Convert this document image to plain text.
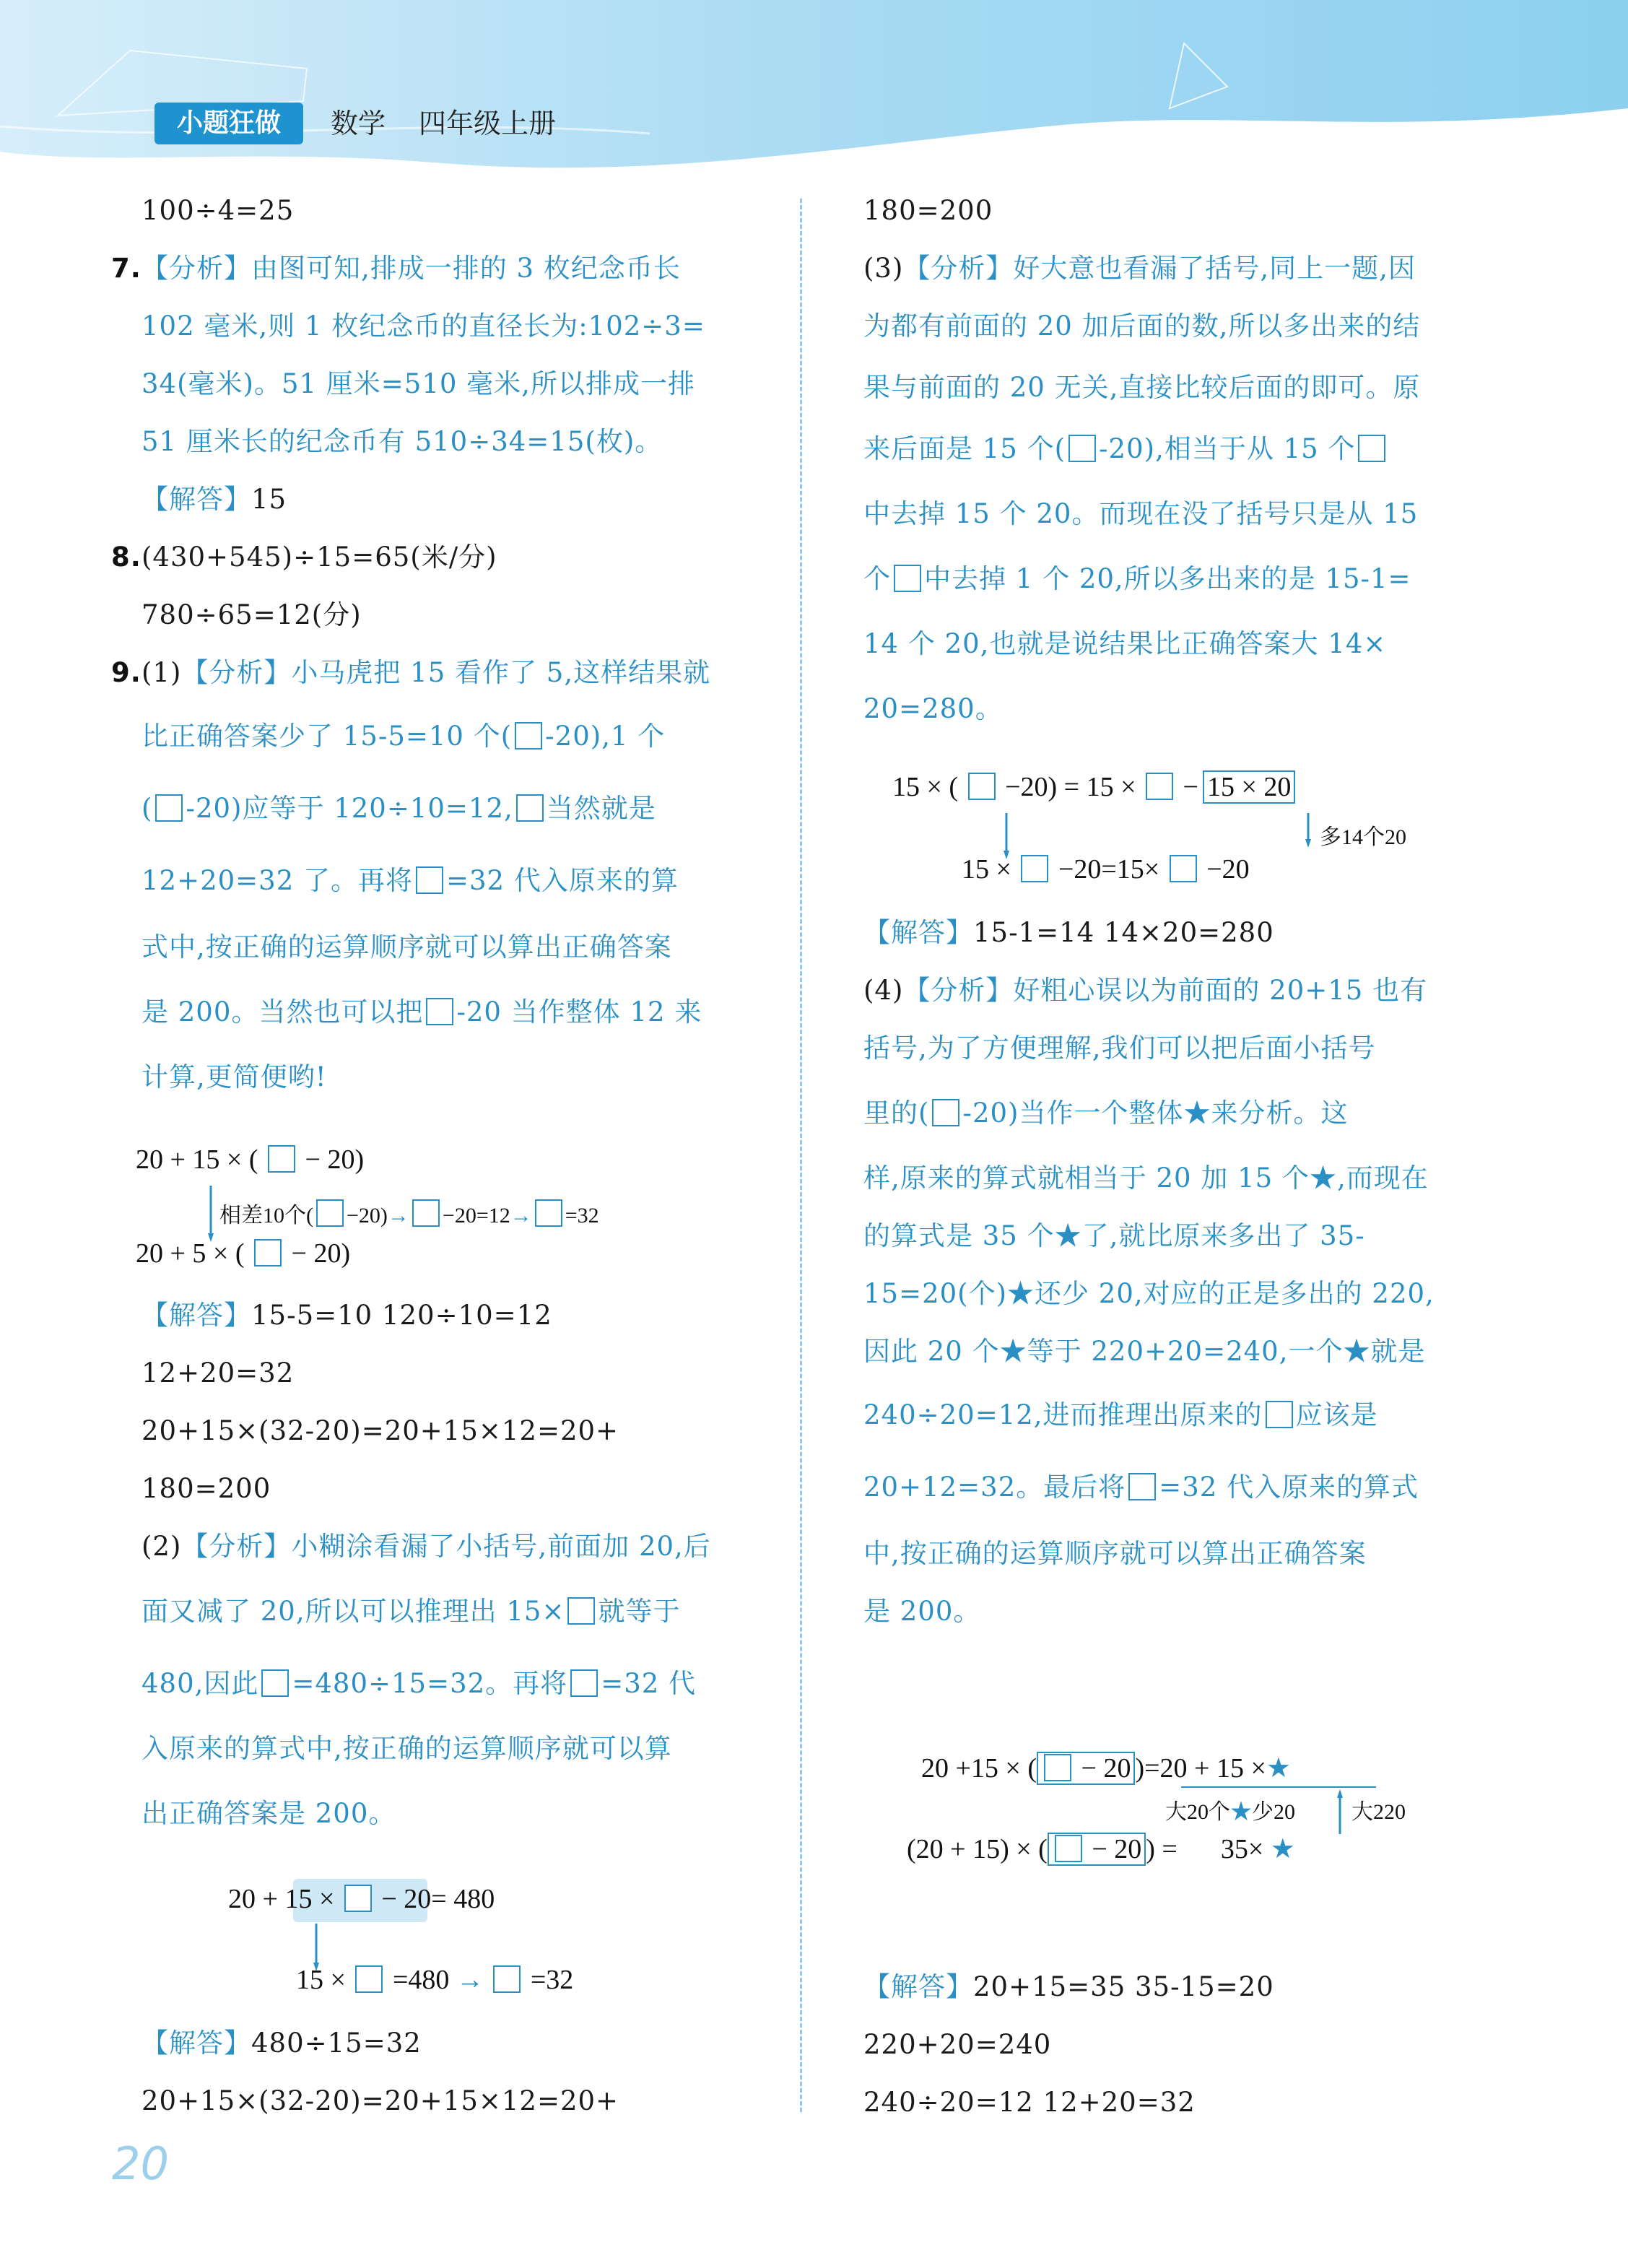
小题狂做	数学 四年级上册
100÷4=25
7. 【分析】由图可知,排成一排的 3 枚纪念币长
102 毫米,则 1 枚纪念币的直径长为:102÷3=
34(毫米)。51 厘米=510 毫米,所以排成一排
51 厘米长的纪念币有 510÷34=15(枚)。
【解答】15
8. (430+545)÷15=65(米/分)
780÷65=12(分)
9. (1)【分析】小马虎把 15 看作了 5,这样结果就
比正确答案少了 15-5=10 个( -20),1 个
( -20)应等于 120÷10=12, 当然就是
12+20=32 了。再将 =32 代入原来的算
式中,按正确的运算顺序就可以算出正确答案
是 200。当然也可以把 -20 当作整体 12 来
计算,更简便哟!
20 + 15 × ( − 20)
相差10个( −20)→ −20=12→ =32
20 + 5 × ( − 20)
【解答】15-5=10 120÷10=12
12+20=32
20+15×(32-20)=20+15×12=20+
180=200
(2)【分析】小糊涂看漏了小括号,前面加 20,后
面又减了 20,所以可以推理出 15× 就等于
480,因此 =480÷15=32。再将 =32 代
入原来的算式中,按正确的运算顺序就可以算
出正确答案是 200。
20 + 15 ×  − 20= 480
15 ×  =480 → =32
【解答】480÷15=32
20+15×(32-20)=20+15×12=20+
180=200
(3)【分析】好大意也看漏了括号,同上一题,因
为都有前面的 20 加后面的数,所以多出来的结
果与前面的 20 无关,直接比较后面的即可。原
来后面是 15 个( -20),相当于从 15 个
中去掉 15 个 20。而现在没了括号只是从 15
个 中去掉 1 个 20,所以多出来的是 15-1=
14 个 20,也就是说结果比正确答案大 14×
20=280。
15 × ( −20) = 15 × − 15 × 20
多14个20
15 × −20=15× −20
【解答】15-1=14 14×20=280
(4)【分析】好粗心误以为前面的 20+15 也有
括号,为了方便理解,我们可以把后面小括号
里的( -20)当作一个整体★来分析。这
样,原来的算式就相当于 20 加 15 个★,而现在
的算式是 35 个★了,就比原来多出了 35-
15=20(个)★还少 20,对应的正是多出的 220,
因此 20 个★等于 220+20=240,一个★就是
240÷20=12,进而推理出原来的 应该是
20+12=32。最后将 =32 代入原来的算式
中,按正确的运算顺序就可以算出正确答案
是 200。
20 +15 × ( − 20 )=20 + 15 ×★
大20个★少20	大220
(20 + 15) × ( − 20 ) = 35× ★
【解答】20+15=35 35-15=20
220+20=240
240÷20=12 12+20=32
20
